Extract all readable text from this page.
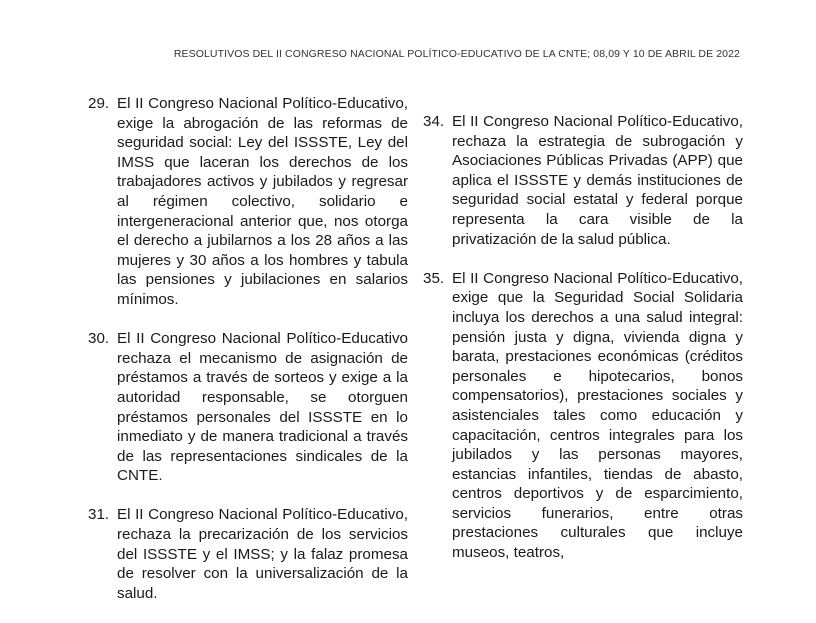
RESOLUTIVOS DEL II CONGRESO NACIONAL POLÍTICO-EDUCATIVO DE LA CNTE; 08,09 Y 10 DE ABRIL DE 2022
29. El II Congreso Nacional Político-Educativo, exige la abrogación de las reformas de seguridad social: Ley del ISSSTE, Ley del IMSS que laceran los derechos de los trabajadores activos y jubilados y regresar al régimen colectivo, solidario e intergeneracional anterior que, nos otorga el derecho a jubilarnos a los 28 años a las mujeres y 30 años a los hombres y tabula las pensiones y jubilaciones en salarios mínimos.
30. El II Congreso Nacional Político-Educativo rechaza el mecanismo de asignación de préstamos a través de sorteos y exige a la autoridad responsable, se otorguen préstamos personales del ISSSTE en lo inmediato y de manera tradicional a través de las representaciones sindicales de la CNTE.
31. El II Congreso Nacional Político-Educativo, rechaza la precarización de los servicios del ISSSTE y el IMSS; y la falaz promesa de resolver con la universalización de la salud.
34. El II Congreso Nacional Político-Educativo, rechaza la estrategia de subrogación y Asociaciones Públicas Privadas (APP) que aplica el ISSSTE y demás instituciones de seguridad social estatal y federal porque representa la cara visible de la privatización de la salud pública.
35. El II Congreso Nacional Político-Educativo, exige que la Seguridad Social Solidaria incluya los derechos a una salud integral: pensión justa y digna, vivienda digna y barata, prestaciones económicas (créditos personales e hipotecarios, bonos compensatorios), prestaciones sociales y asistenciales tales como educación y capacitación, centros integrales para los jubilados y las personas mayores, estancias infantiles, tiendas de abasto, centros deportivos y de esparcimiento, servicios funerarios, entre otras prestaciones culturales que incluye museos, teatros,
